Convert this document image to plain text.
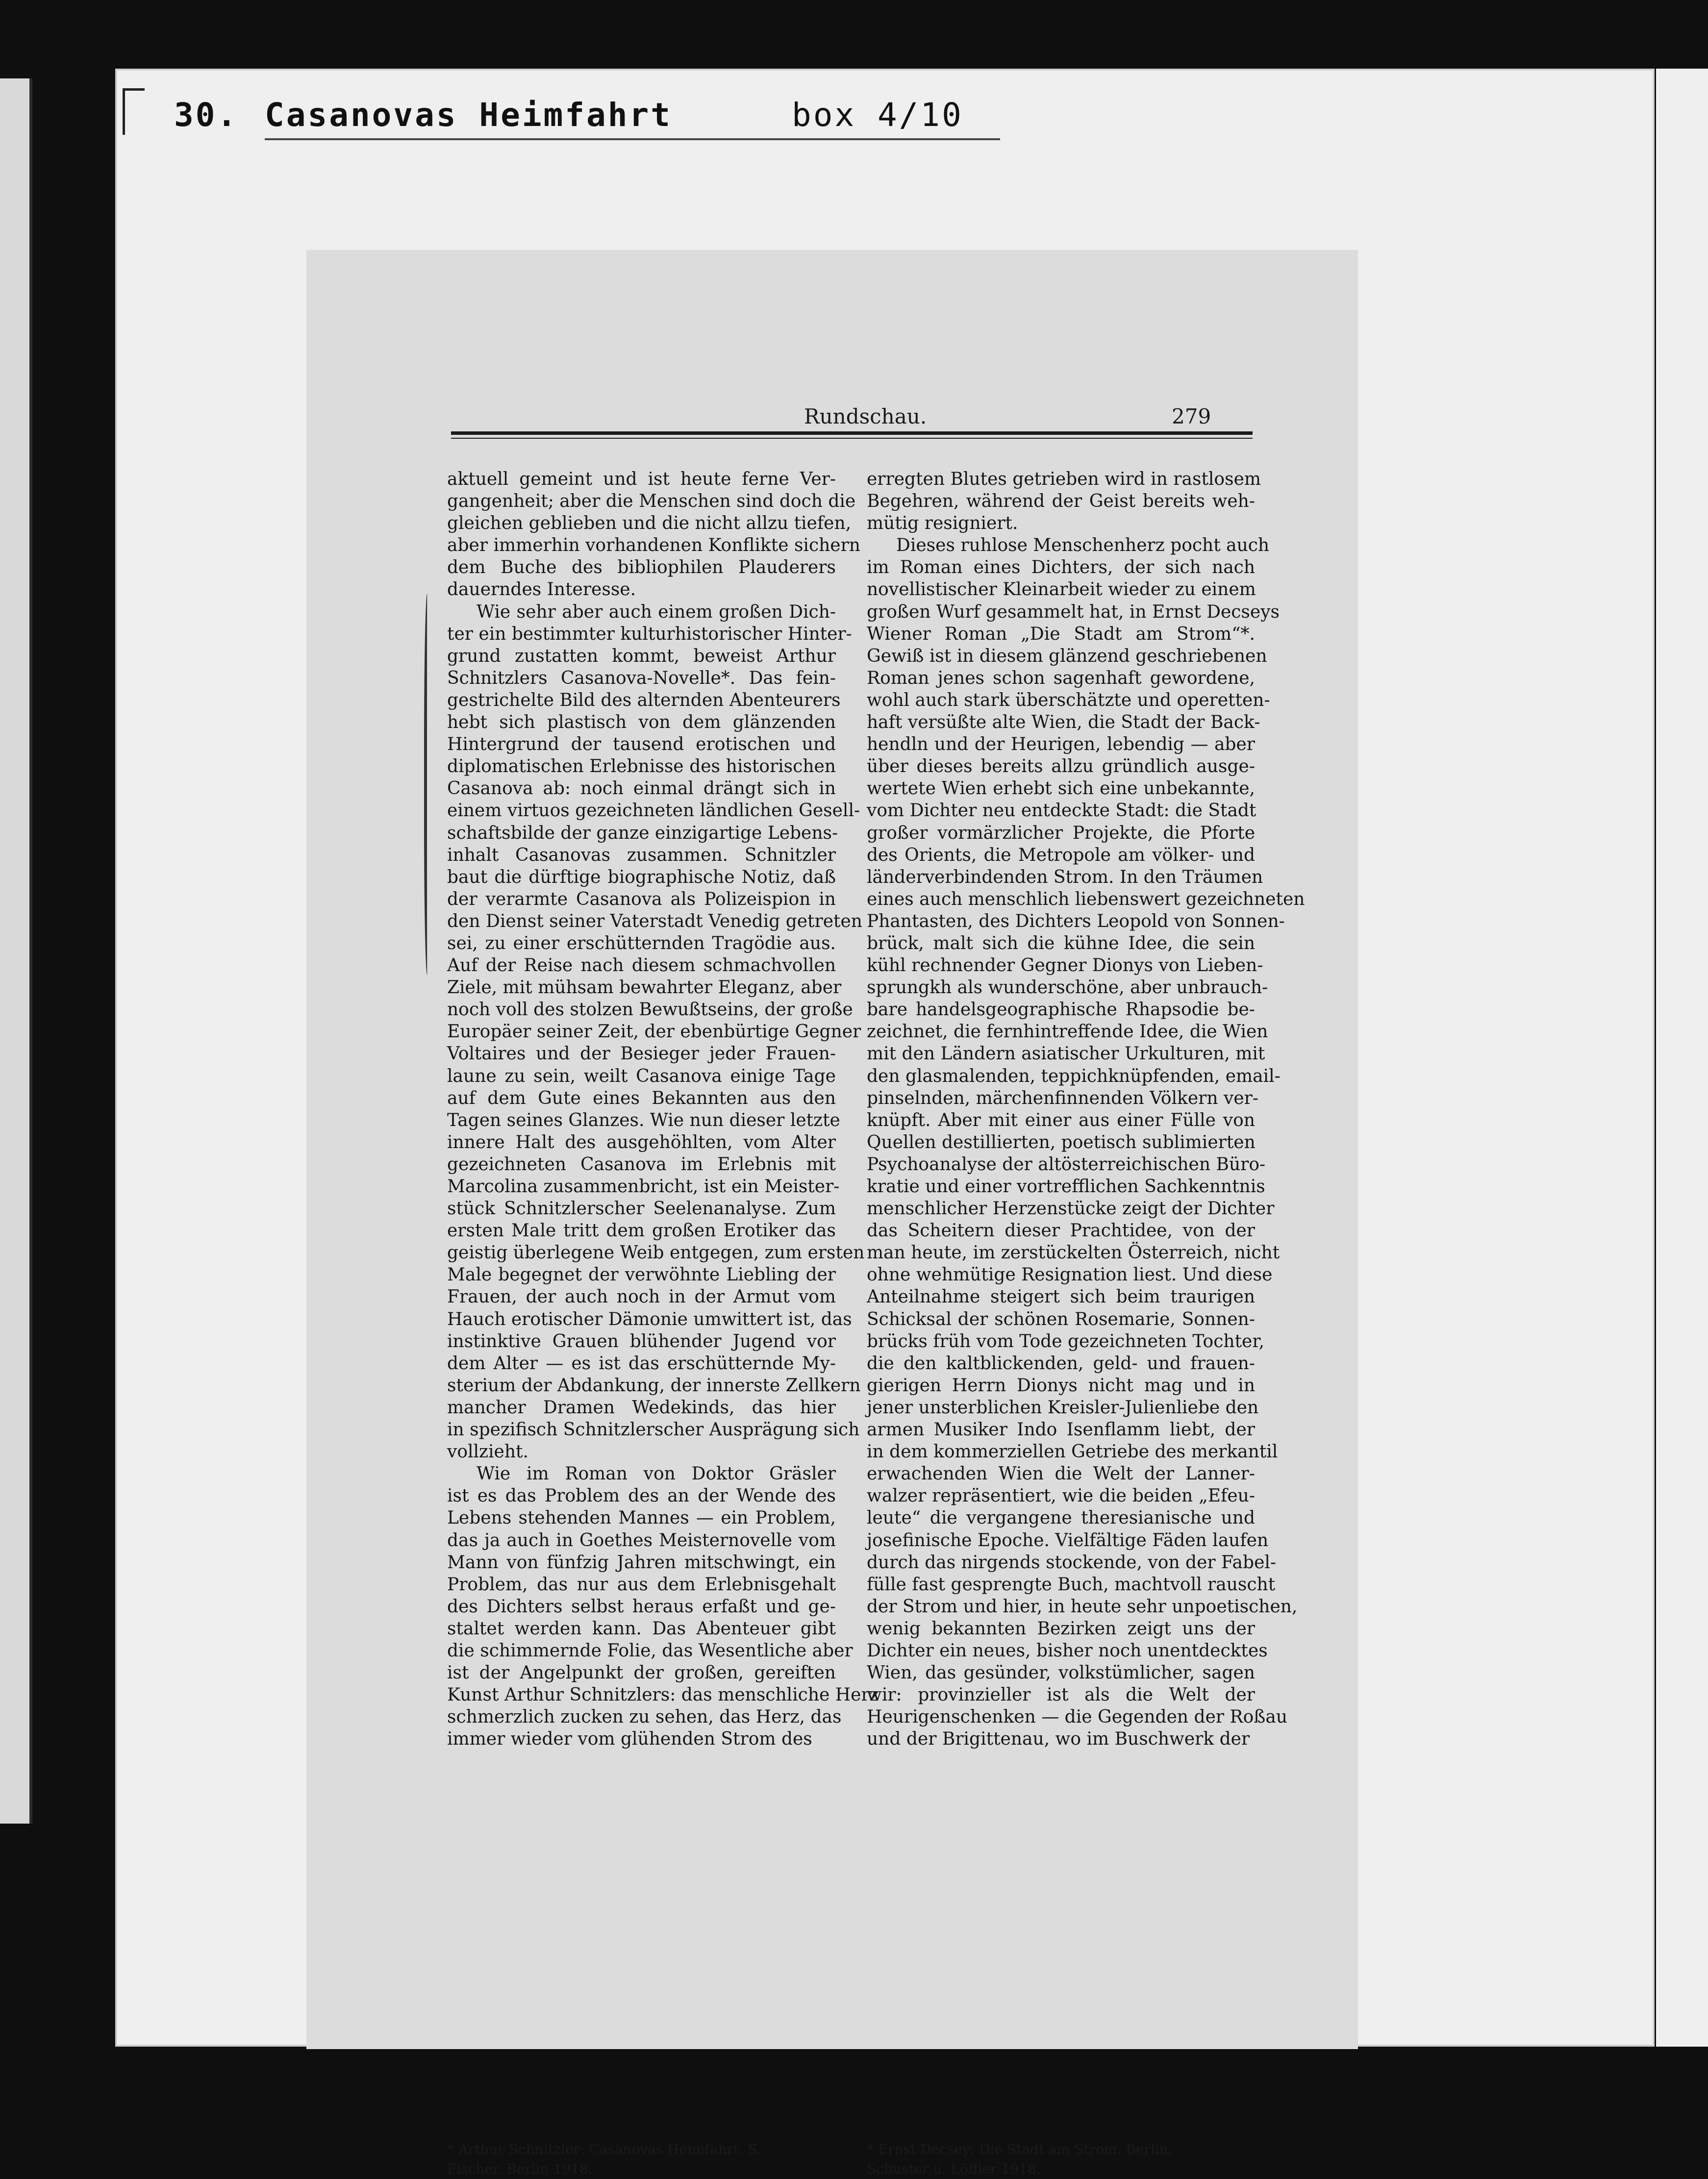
30. Casanovas Heimfahrt	box 4/10
Rundschau.	279
aktuell gemeint und ist heute ferne Ver-
gangenheit; aber die Menschen sind doch die
gleichen geblieben und die nicht allzu tiefen,
aber immerhin vorhandenen Konflikte sichern
dem Buche des bibliophilen Plauderers
dauerndes Interesse.
Wie sehr aber auch einem großen Dich-
ter ein bestimmter kulturhistorischer Hinter-
grund zustatten kommt, beweist Arthur
Schnitzlers Casanova-Novelle*. Das fein-
gestrichelte Bild des alternden Abenteurers
hebt sich plastisch von dem glänzenden
Hintergrund der tausend erotischen und
diplomatischen Erlebnisse des historischen
Casanova ab: noch einmal drängt sich in
einem virtuos gezeichneten ländlichen Gesell-
schaftsbilde der ganze einzigartige Lebens-
inhalt Casanovas zusammen. Schnitzler
baut die dürftige biographische Notiz, daß
der verarmte Casanova als Polizeispion in
den Dienst seiner Vaterstadt Venedig getreten
sei, zu einer erschütternden Tragödie aus.
Auf der Reise nach diesem schmachvollen
Ziele, mit mühsam bewahrter Eleganz, aber
noch voll des stolzen Bewußtseins, der große
Europäer seiner Zeit, der ebenbürtige Gegner
Voltaires und der Besieger jeder Frauen-
laune zu sein, weilt Casanova einige Tage
auf dem Gute eines Bekannten aus den
Tagen seines Glanzes. Wie nun dieser letzte
innere Halt des ausgehöhlten, vom Alter
gezeichneten Casanova im Erlebnis mit
Marcolina zusammenbricht, ist ein Meister-
stück Schnitzlerscher Seelenanalyse. Zum
ersten Male tritt dem großen Erotiker das
geistig überlegene Weib entgegen, zum ersten
Male begegnet der verwöhnte Liebling der
Frauen, der auch noch in der Armut vom
Hauch erotischer Dämonie umwittert ist, das
instinktive Grauen blühender Jugend vor
dem Alter — es ist das erschütternde My-
sterium der Abdankung, der innerste Zellkern
mancher Dramen Wedekinds, das hier
in spezifisch Schnitzlerscher Ausprägung sich
vollzieht.
Wie im Roman von Doktor Gräsler
ist es das Problem des an der Wende des
Lebens stehenden Mannes — ein Problem,
das ja auch in Goethes Meisternovelle vom
Mann von fünfzig Jahren mitschwingt, ein
Problem, das nur aus dem Erlebnisgehalt
des Dichters selbst heraus erfaßt und ge-
staltet werden kann. Das Abenteuer gibt
die schimmernde Folie, das Wesentliche aber
ist der Angelpunkt der großen, gereiften
Kunst Arthur Schnitzlers: das menschliche Herz
schmerzlich zucken zu sehen, das Herz, das
immer wieder vom glühenden Strom des
erregten Blutes getrieben wird in rastlosem
Begehren, während der Geist bereits weh-
mütig resigniert.
Dieses ruhlose Menschenherz pocht auch
im Roman eines Dichters, der sich nach
novellistischer Kleinarbeit wieder zu einem
großen Wurf gesammelt hat, in Ernst Decseys
Wiener Roman „Die Stadt am Strom“*.
Gewiß ist in diesem glänzend geschriebenen
Roman jenes schon sagenhaft gewordene,
wohl auch stark überschätzte und operetten-
haft versüßte alte Wien, die Stadt der Back-
hendln und der Heurigen, lebendig — aber
über dieses bereits allzu gründlich ausge-
wertete Wien erhebt sich eine unbekannte,
vom Dichter neu entdeckte Stadt: die Stadt
großer vormärzlicher Projekte, die Pforte
des Orients, die Metropole am völker- und
länderverbindenden Strom. In den Träumen
eines auch menschlich liebenswert gezeichneten
Phantasten, des Dichters Leopold von Sonnen-
brück, malt sich die kühne Idee, die sein
kühl rechnender Gegner Dionys von Lieben-
sprungkh als wunderschöne, aber unbrauch-
bare handelsgeographische Rhapsodie be-
zeichnet, die fernhintreffende Idee, die Wien
mit den Ländern asiatischer Urkulturen, mit
den glasmalenden, teppichknüpfenden, email-
pinselnden, märchenfinnenden Völkern ver-
knüpft. Aber mit einer aus einer Fülle von
Quellen destillierten, poetisch sublimierten
Psychoanalyse der altösterreichischen Büro-
kratie und einer vortrefflichen Sachkenntnis
menschlicher Herzenstücke zeigt der Dichter
das Scheitern dieser Prachtidee, von der
man heute, im zerstückelten Österreich, nicht
ohne wehmütige Resignation liest. Und diese
Anteilnahme steigert sich beim traurigen
Schicksal der schönen Rosemarie, Sonnen-
brücks früh vom Tode gezeichneten Tochter,
die den kaltblickenden, geld- und frauen-
gierigen Herrn Dionys nicht mag und in
jener unsterblichen Kreisler-Julienliebe den
armen Musiker Indo Isenflamm liebt, der
in dem kommerziellen Getriebe des merkantil
erwachenden Wien die Welt der Lanner-
walzer repräsentiert, wie die beiden „Efeu-
leute“ die vergangene theresianische und
josefinische Epoche. Vielfältige Fäden laufen
durch das nirgends stockende, von der Fabel-
fülle fast gesprengte Buch, machtvoll rauscht
der Strom und hier, in heute sehr unpoetischen,
wenig bekannten Bezirken zeigt uns der
Dichter ein neues, bisher noch unentdecktes
Wien, das gesünder, volkstümlicher, sagen
wir: provinzieller ist als die Welt der
Heurigenschenken — die Gegenden der Roßau
und der Brigittenau, wo im Buschwerk der
* Arthur Schnitzler: Casanovas Heimfahrt. S.
Fischer. Berlin 1918.
* Ernst Decsey: Die Stadt am Strom. Berlin,
Schuster u. Löffler 1918.
